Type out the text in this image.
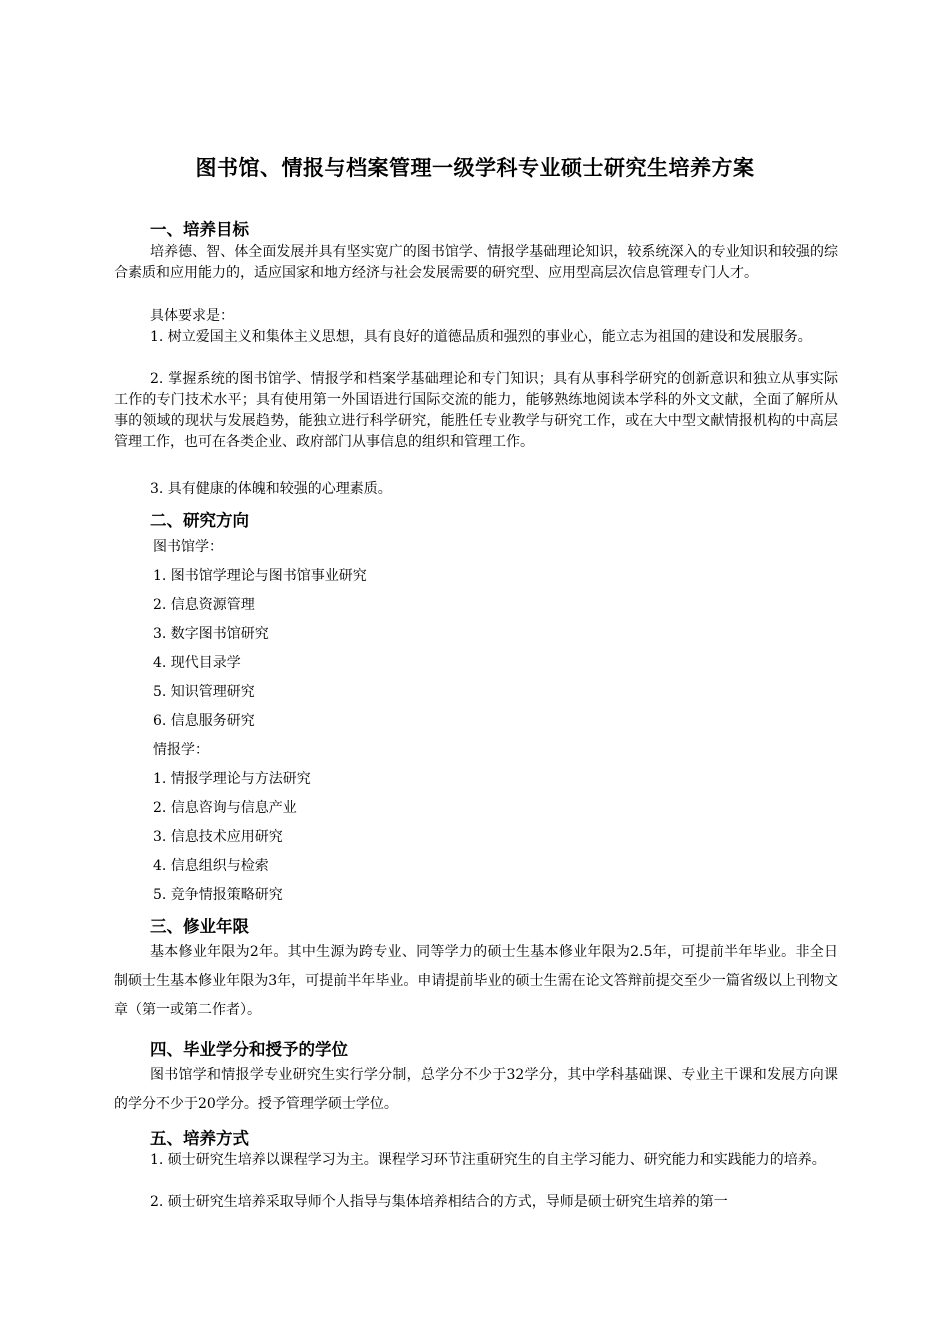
图书馆、情报与档案管理一级学科专业硕士研究生培养方案
一、培养目标
培养德、智、体全面发展并具有坚实宽广的图书馆学、情报学基础理论知识，较系统深入的专业知识和较强的综合素质和应用能力的，适应国家和地方经济与社会发展需要的研究型、应用型高层次信息管理专门人才。
具体要求是：
1. 树立爱国主义和集体主义思想，具有良好的道德品质和强烈的事业心，能立志为祖国的建设和发展服务。
2. 掌握系统的图书馆学、情报学和档案学基础理论和专门知识；具有从事科学研究的创新意识和独立从事实际工作的专门技术水平；具有使用第一外国语进行国际交流的能力，能够熟练地阅读本学科的外文文献，全面了解所从事的领域的现状与发展趋势，能独立进行科学研究，能胜任专业教学与研究工作，或在大中型文献情报机构的中高层管理工作，也可在各类企业、政府部门从事信息的组织和管理工作。
3. 具有健康的体魄和较强的心理素质。
二、研究方向
图书馆学：
1. 图书馆学理论与图书馆事业研究
2. 信息资源管理
3. 数字图书馆研究
4. 现代目录学
5. 知识管理研究
6. 信息服务研究
情报学：
1. 情报学理论与方法研究
2. 信息咨询与信息产业
3. 信息技术应用研究
4. 信息组织与检索
5. 竞争情报策略研究
三、修业年限
基本修业年限为2年。其中生源为跨专业、同等学力的硕士生基本修业年限为2.5年，可提前半年毕业。非全日制硕士生基本修业年限为3年，可提前半年毕业。申请提前毕业的硕士生需在论文答辩前提交至少一篇省级以上刊物文章（第一或第二作者）。
四、毕业学分和授予的学位
图书馆学和情报学专业研究生实行学分制，总学分不少于32学分，其中学科基础课、专业主干课和发展方向课的学分不少于20学分。授予管理学硕士学位。
五、培养方式
1. 硕士研究生培养以课程学习为主。课程学习环节注重研究生的自主学习能力、研究能力和实践能力的培养。
2. 硕士研究生培养采取导师个人指导与集体培养相结合的方式，导师是硕士研究生培养的第一
